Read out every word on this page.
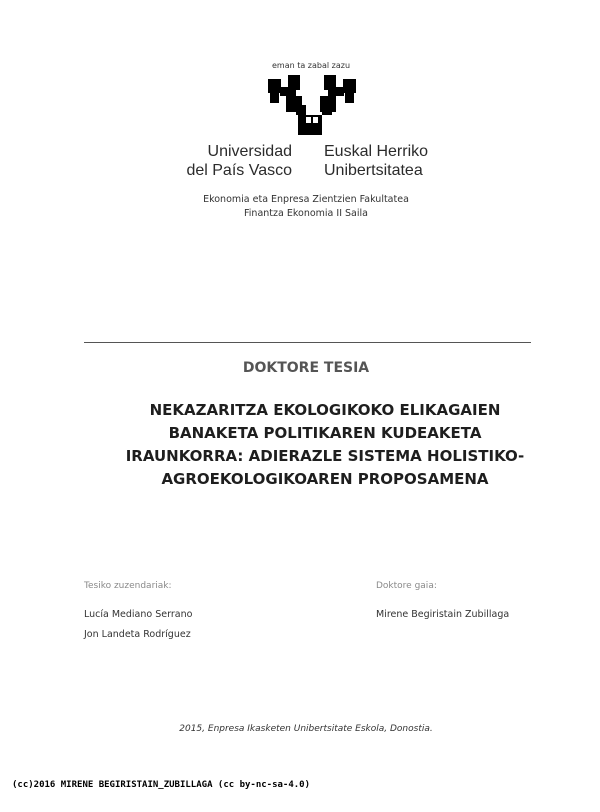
eman ta zabal zazu
Universidad
del País Vasco
Euskal Herriko
Unibertsitatea
Ekonomia eta Enpresa Zientzien Fakultatea
Finantza Ekonomia II Saila
DOKTORE TESIA
NEKAZARITZA EKOLOGIKOKO ELIKAGAIEN
BANAKETA POLITIKAREN KUDEAKETA
IRAUNKORRA: ADIERAZLE SISTEMA HOLISTIKO-
AGROEKOLOGIKOAREN PROPOSAMENA
Tesiko zuzendariak:
Lucía Mediano Serrano
Jon Landeta Rodríguez
Doktore gaia:
Mirene Begiristain Zubillaga
2015, Enpresa Ikasketen Unibertsitate Eskola, Donostia.
(cc)2016 MIRENE BEGIRISTAIN_ZUBILLAGA (cc by-nc-sa-4.0)
